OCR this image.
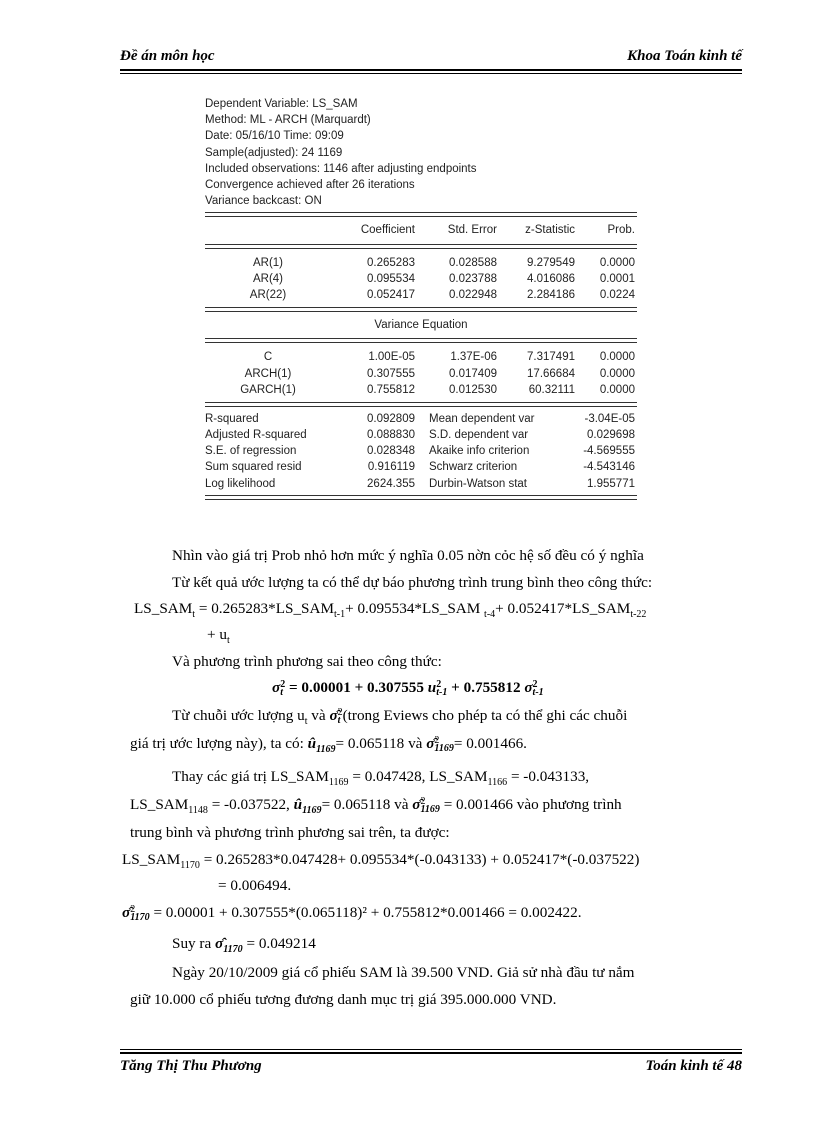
Đề án môn học	Khoa Toán kinh tế
Dependent Variable: LS_SAM
Method: ML - ARCH (Marquardt)
Date: 05/16/10 Time: 09:09
Sample(adjusted): 24 1169
Included observations: 1146 after adjusting endpoints
Convergence achieved after 26 iterations
Variance backcast: ON
Coefficient	Std. Error	z-Statistic	Prob.
AR(1)	0.265283	0.028588	9.279549	0.0000
AR(4)	0.095534	0.023788	4.016086	0.0001
AR(22)	0.052417	0.022948	2.284186	0.0224
Variance Equation
C	1.00E-05	1.37E-06	7.317491	0.0000
ARCH(1)	0.307555	0.017409	17.66684	0.0000
GARCH(1)	0.755812	0.012530	60.32111	0.0000
R-squared	0.092809 Mean dependent var	-3.04E-05
Adjusted R-squared	0.088830 S.D. dependent var	0.029698
S.E. of regression	0.028348 Akaike info criterion	-4.569555
Sum squared resid	0.916119 Schwarz criterion	-4.543146
Log likelihood	2624.355 Durbin-Watson stat	1.955771
Nhìn vào giá trị Prob nhỏ hơn mức ý nghĩa 0.05 nờn cỏc hệ số đều có ý nghĩa
Từ kết quả ước lượng ta có thể dự báo phương trình trung bình theo công thức:
$LS\_SAM_t$ = $0.265283*LS\_SAM_{t-1}+$ 0.095534*LS_SAM $_{t-4}+ 0.052417*LS\_SAM_{t-22}$
+ $u_t$
Và phương trình phương sai theo công thức:
σ 2
t = 0.00001 + 0.307555 u 2
t-1 + 0.755812 σ 2
t-1
Từ chuỗi ước lượng $u_t$ và σ̂ 2
t (trong Eviews cho phép ta có thể ghi các chuỗi
giá trị ước lượng này), ta có: $û_{1169}= 0.065118$ và σ̂ 2
1169 = 0.001466.
Thay các giá trị $LS\_SAM_{1169} = 0.047428$, $LS\_SAM_{1166} = -0.043133$,
$LS\_SAM_{1148} = -0.037522$, $û_{1169}= 0.065118$ và σ̂ 2
1169 = 0.001466 vào phương trình
trung bình và phương trình phương sai trên, ta được:
$LS\_SAM_{1170} = 0.265283*0.047428+ 0.095534*(-0.043133) + 0.052417*(-0.037522)$
= 0.006494.
σ̂ 2
1170 = 0.00001 + 0.307555*(0.065118)² + 0.755812*0.001466 = 0.002422.
Suy ra $\sigmâ_{1170} = 0.049214$
Ngày 20/10/2009 giá cổ phiếu SAM là 39.500 VND. Giả sử nhà đầu tư nắm
giữ 10.000 cổ phiếu tương đương danh mục trị giá 395.000.000 VND.
Tăng Thị Thu Phương	Toán kinh tế 48
